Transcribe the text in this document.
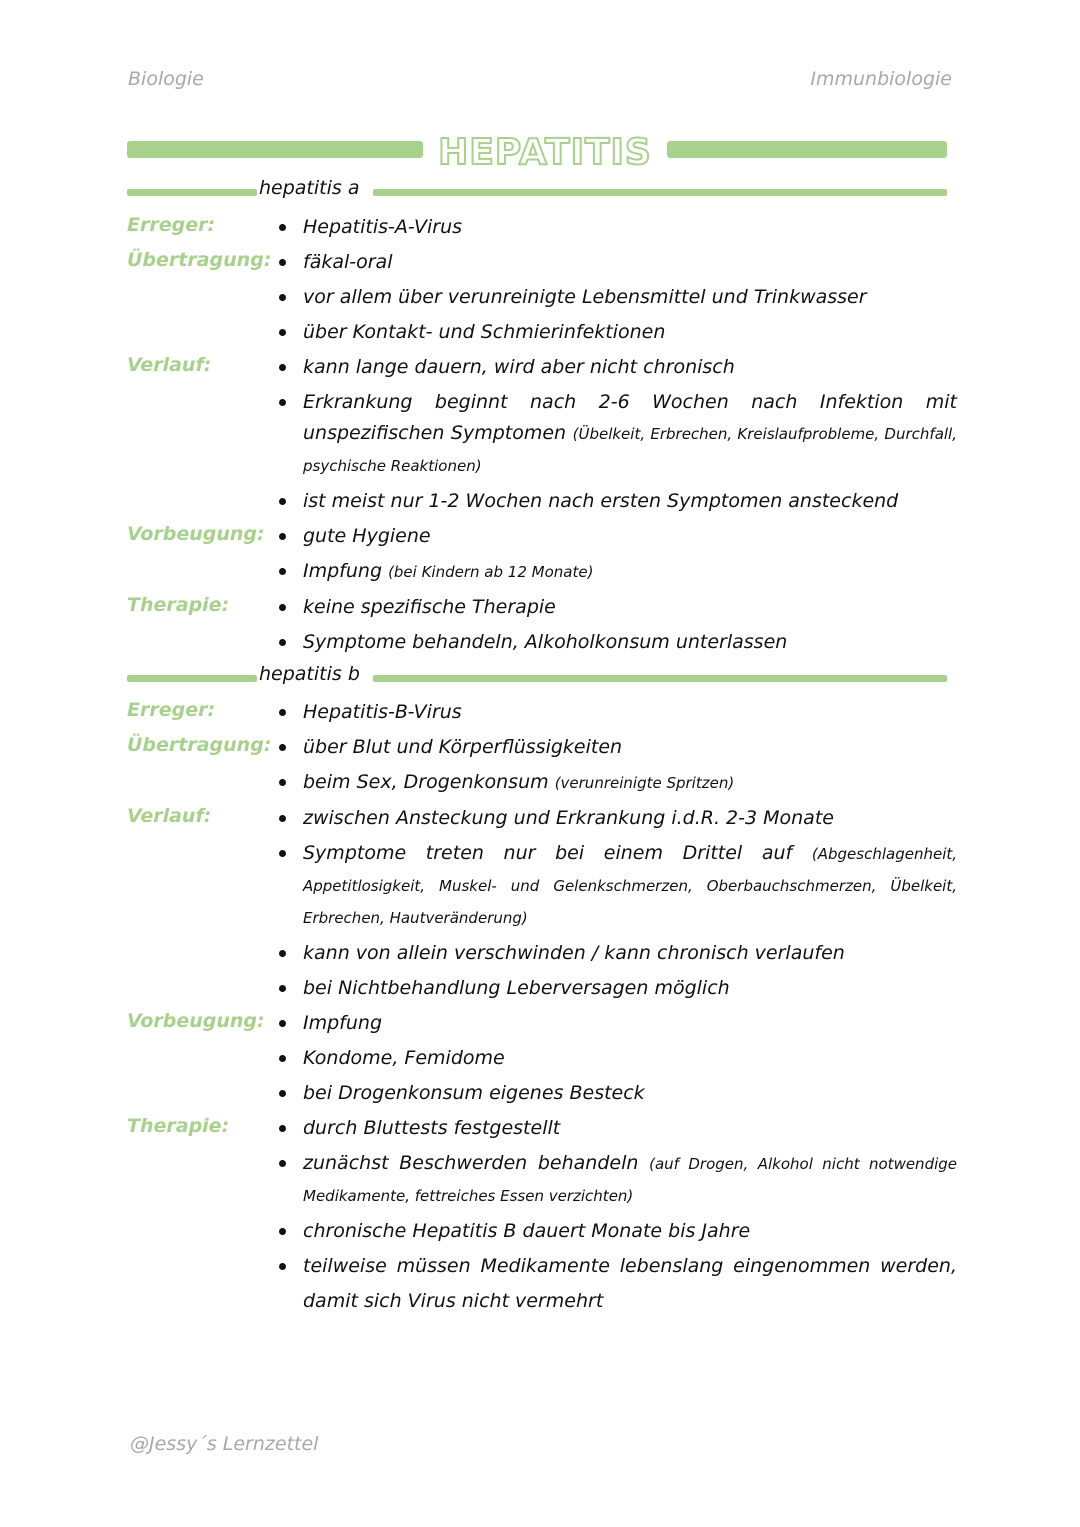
Biologie	Immunbiologie
HEPATITIS
hepatitis a
Erreger:	Hepatitis-A-Virus
Übertragung:	fäkal-oral
vor allem über verunreinigte Lebensmittel und Trinkwasser
über Kontakt- und Schmierinfektionen
Verlauf:	kann lange dauern, wird aber nicht chronisch
Erkrankung beginnt nach 2-6 Wochen nach Infektion mit unspezifischen Symptomen (Übelkeit, Erbrechen, Kreislaufprobleme, Durchfall, psychische Reaktionen)
ist meist nur 1-2 Wochen nach ersten Symptomen ansteckend
Vorbeugung:	gute Hygiene
Impfung (bei Kindern ab 12 Monate)
Therapie:	keine spezifische Therapie
Symptome behandeln, Alkoholkonsum unterlassen
hepatitis b
Erreger:	Hepatitis-B-Virus
Übertragung:	über Blut und Körperflüssigkeiten
beim Sex, Drogenkonsum (verunreinigte Spritzen)
Verlauf:	zwischen Ansteckung und Erkrankung i.d.R. 2-3 Monate
Symptome treten nur bei einem Drittel auf (Abgeschlagenheit, Appetitlosigkeit, Muskel- und Gelenkschmerzen, Oberbauchschmerzen, Übelkeit, Erbrechen, Hautveränderung)
kann von allein verschwinden / kann chronisch verlaufen
bei Nichtbehandlung Leberversagen möglich
Vorbeugung:	Impfung
Kondome, Femidome
bei Drogenkonsum eigenes Besteck
Therapie:	durch Bluttests festgestellt
zunächst Beschwerden behandeln (auf Drogen, Alkohol nicht notwendige Medikamente, fettreiches Essen verzichten)
chronische Hepatitis B dauert Monate bis Jahre
teilweise müssen Medikamente lebenslang eingenommen werden, damit sich Virus nicht vermehrt
@Jessy´s Lernzettel
